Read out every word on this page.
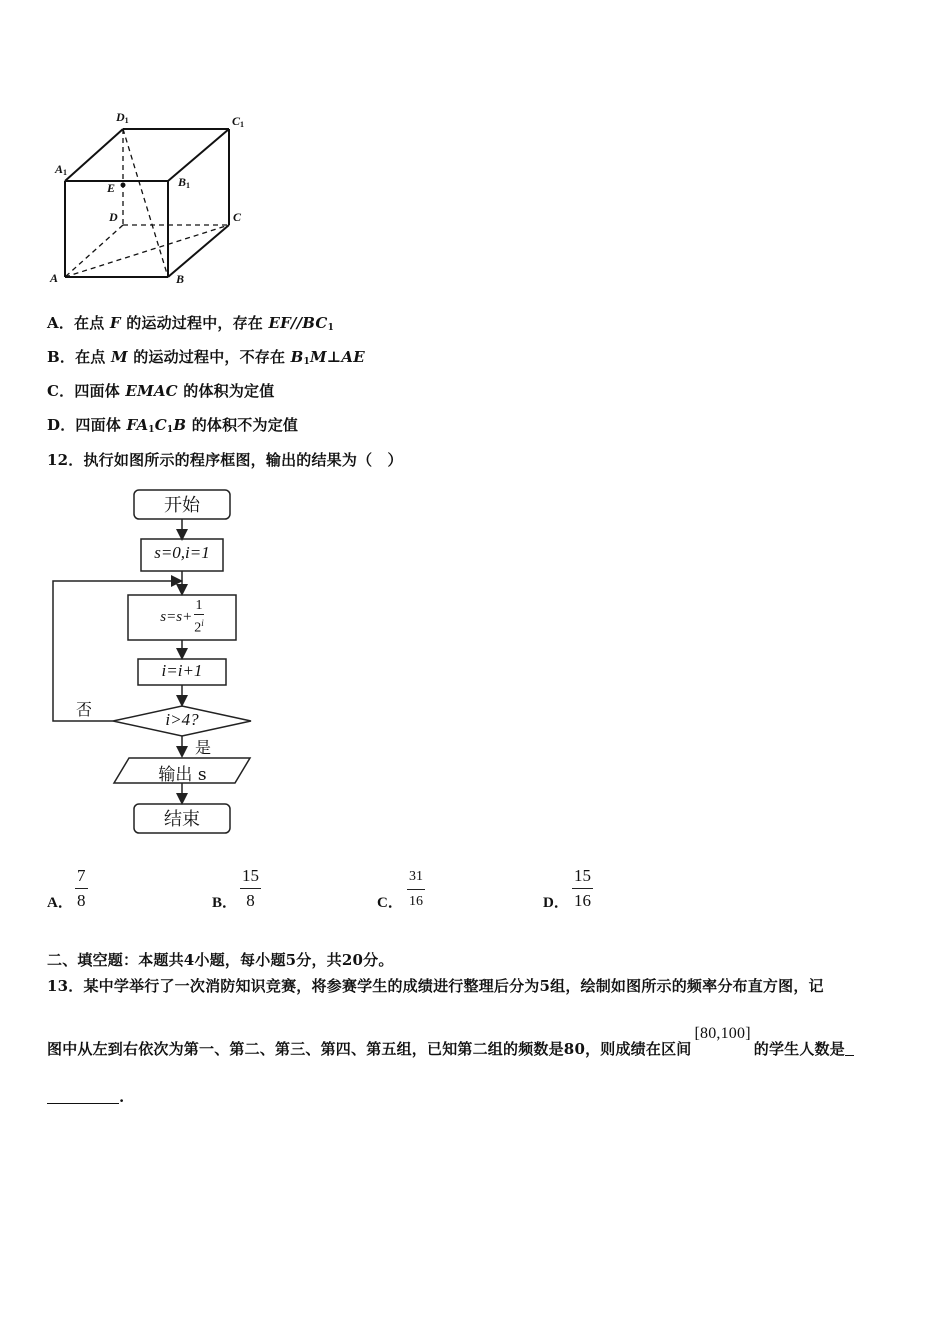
D1	C1
A1
B1
E
D	C
A	B
A．在点 F 的运动过程中，存在 $EF//BC_1$
B．在点 M 的运动过程中，不存在 $B_1M\perp AE$
C．四面体 EMAC 的体积为定值
D．四面体 $FA_1C_1B$ 的体积不为定值
12．执行如图所示的程序框图，输出的结果为（　）
开始
s=0,i=1
s=s+
1
2$^i$
i=i+1
i>4?
否
是
输出 s
结束
A．
7
8	B．
15
8	C．
31
16	D．
15
16
二、填空题：本题共4小题，每小题5分，共20分。
13．某中学举行了一次消防知识竞赛，将参赛学生的成绩进行整理后分为5组，绘制如图所示的频率分布直方图，记
图中从左到右依次为第一、第二、第三、第四、第五组，已知第二组的频数是80，则成绩在区间[80,100]的学生人数是
.
